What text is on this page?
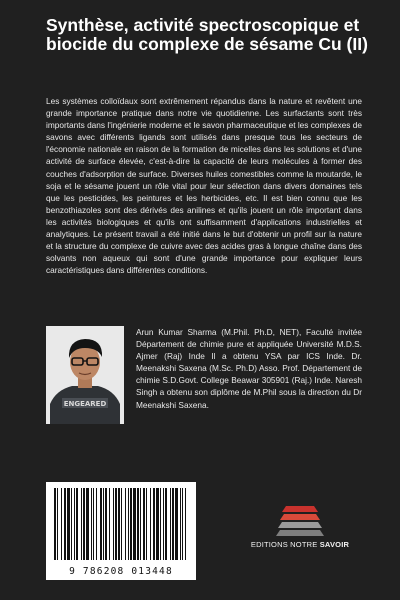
Synthèse, activité spectroscopique et biocide du complexe de sésame Cu (II)

Les systèmes colloïdaux sont extrêmement répandus dans la nature et revêtent une grande importance pratique dans notre vie quotidienne. Les surfactants sont très importants dans l'ingénierie moderne et le savon pharmaceutique et les complexes de savons avec différents ligands sont utilisés dans presque tous les secteurs de l'économie nationale en raison de la formation de micelles dans les solutions et d'une activité de surface élevée, c'est-à-dire la capacité de leurs molécules à former des couches d'adsorption de surface. Diverses huiles comestibles comme la moutarde, le soja et le sésame jouent un rôle vital pour leur sélection dans divers domaines tels que les pesticides, les peintures et les herbicides, etc. Il est bien connu que les benzothiazoles sont des dérivés des anilines et qu'ils jouent un rôle important dans les activités biologiques et qu'ils ont suffisamment d'applications industrielles et analytiques. Le présent travail a été initié dans le but d'obtenir un profil sur la nature et la structure du complexe de cuivre avec des acides gras à longue chaîne dans des solvants non aqueux qui sont d'une grande importance pour expliquer leurs caractéristiques dans différentes conditions.

ENGEARED

Arun Kumar Sharma (M.Phil. Ph.D, NET), Faculté invitée Département de chimie pure et appliquée Université M.D.S. Ajmer (Raj) Inde Il a obtenu YSA par ICS Inde. Dr. Meenakshi Saxena (M.Sc. Ph.D) Asso. Prof. Département de chimie S.D.Govt. College Beawar 305901 (Raj.) Inde. Naresh Singh a obtenu son diplôme de M.Phil sous la direction du Dr Meenakshi Saxena.

9 786208 013448
EDITIONS NOTRE SAVOIR
